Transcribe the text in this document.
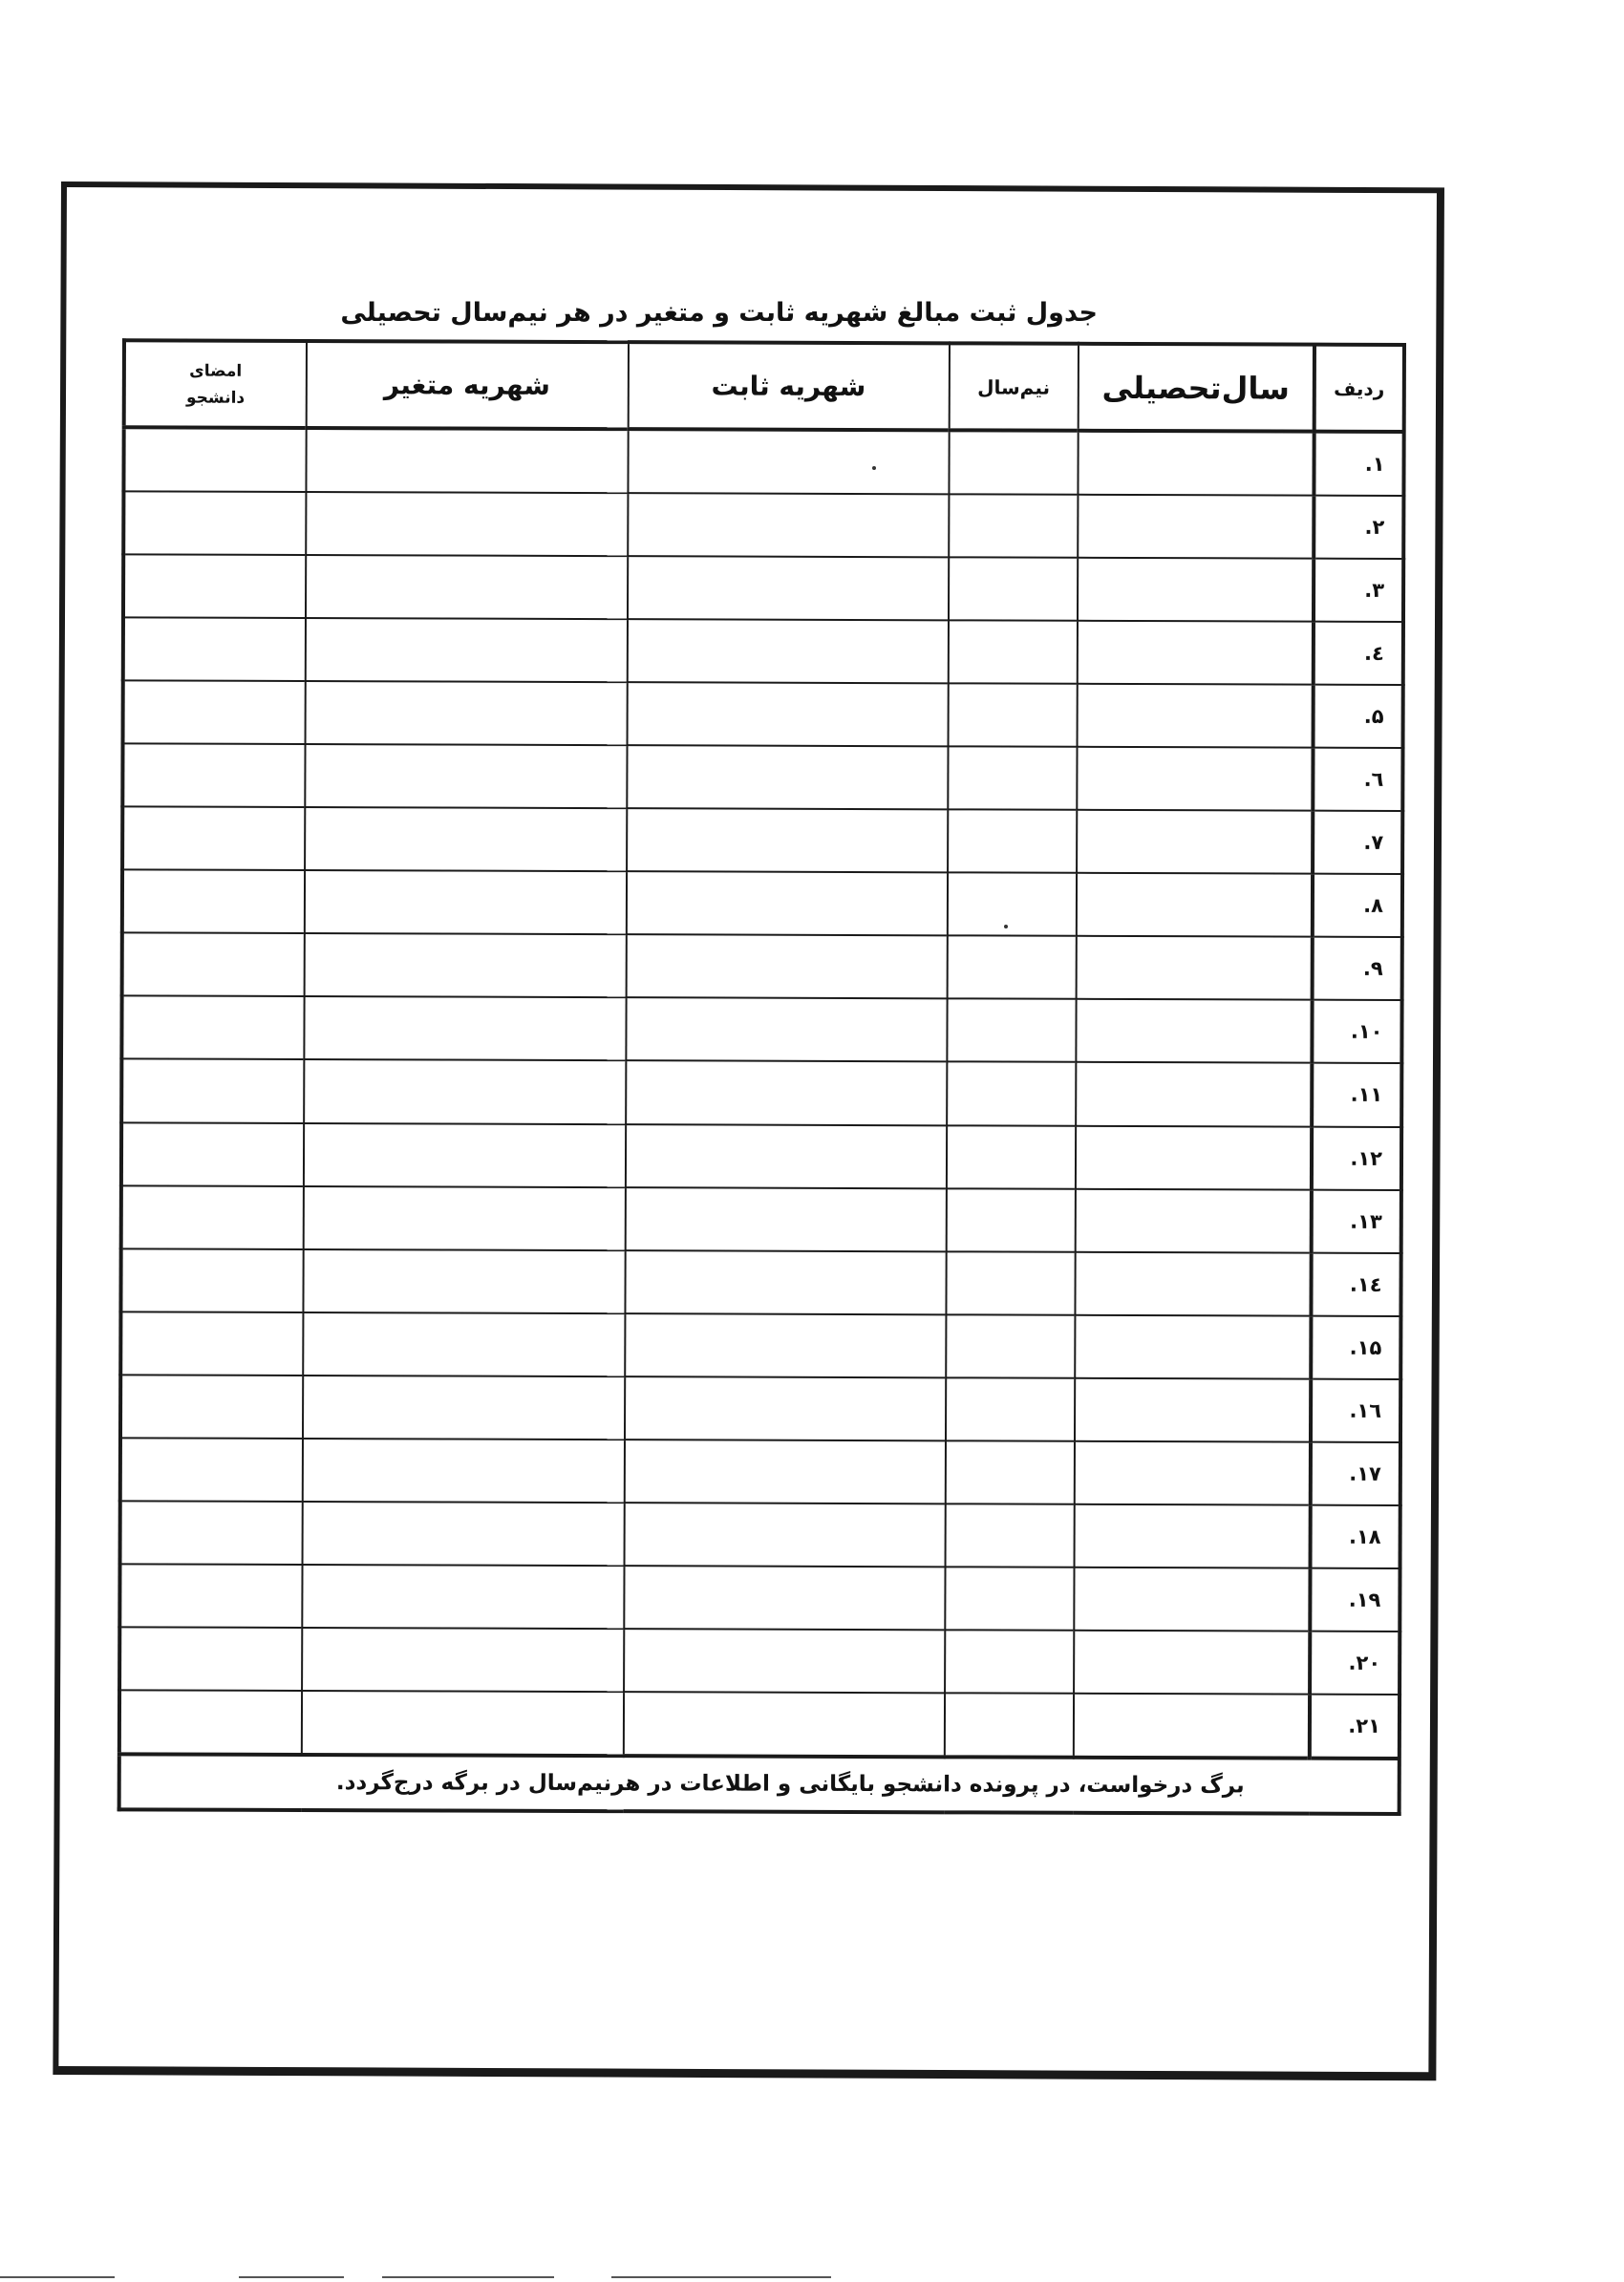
جدول ثبت مبالغ شهریه ثابت و متغیر در هر نیم‌سال تحصیلی
ردیف	سال‌تحصیلی	نیم‌سال	شهریه ثابت	شهریه متغیر	امضای
دانشجو

۱.					
۲.					
۳.					
٤.					
۵.					
٦.					
۷.					
۸.					
۹.					
۱۰.					
۱۱.					
۱۲.					
۱۳.					
۱٤.					
۱۵.					
۱٦.					
۱۷.					
۱۸.					
۱۹.					
۲۰.					
۲۱.					
برگ درخواست، در پرونده دانشجو بایگانی و اطلاعات در هرنیم‌سال در برگه درج‌گردد.					
